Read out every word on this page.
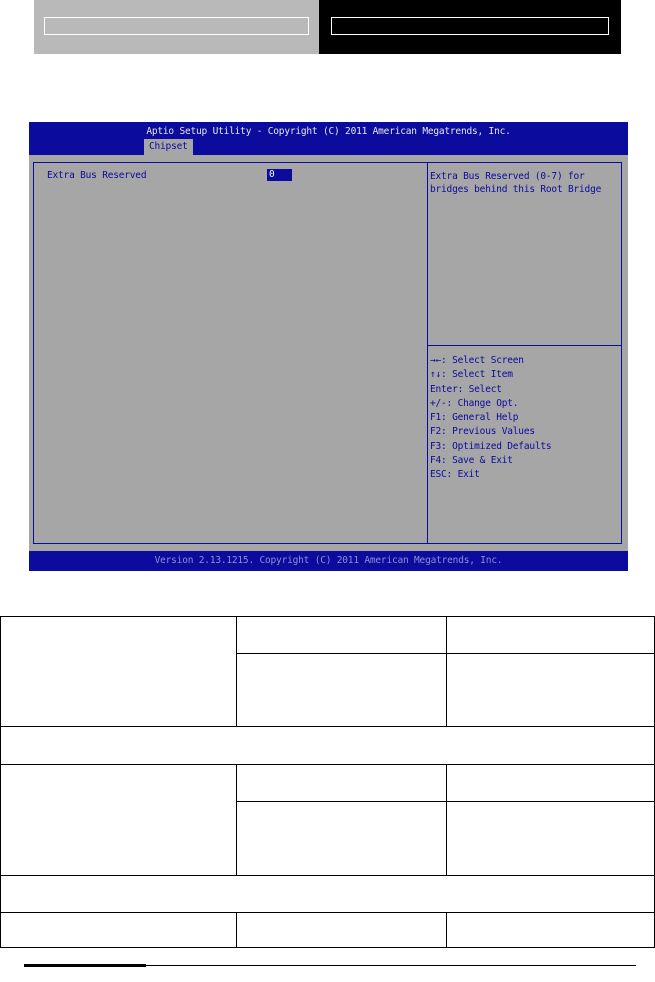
Aptio Setup Utility - Copyright (C) 2011 American Megatrends, Inc.
Chipset
Extra Bus Reserved	0	Extra Bus Reserved (0-7) for bridges behind this Root Bridge
→←: Select Screen
↑↓: Select Item
Enter: Select
+/-: Change Opt.
F1: General Help
F2: Previous Values
F3: Optimized Defaults
F4: Save & Exit
ESC: Exit
Version 2.13.1215. Copyright (C) 2011 American Megatrends, Inc.
